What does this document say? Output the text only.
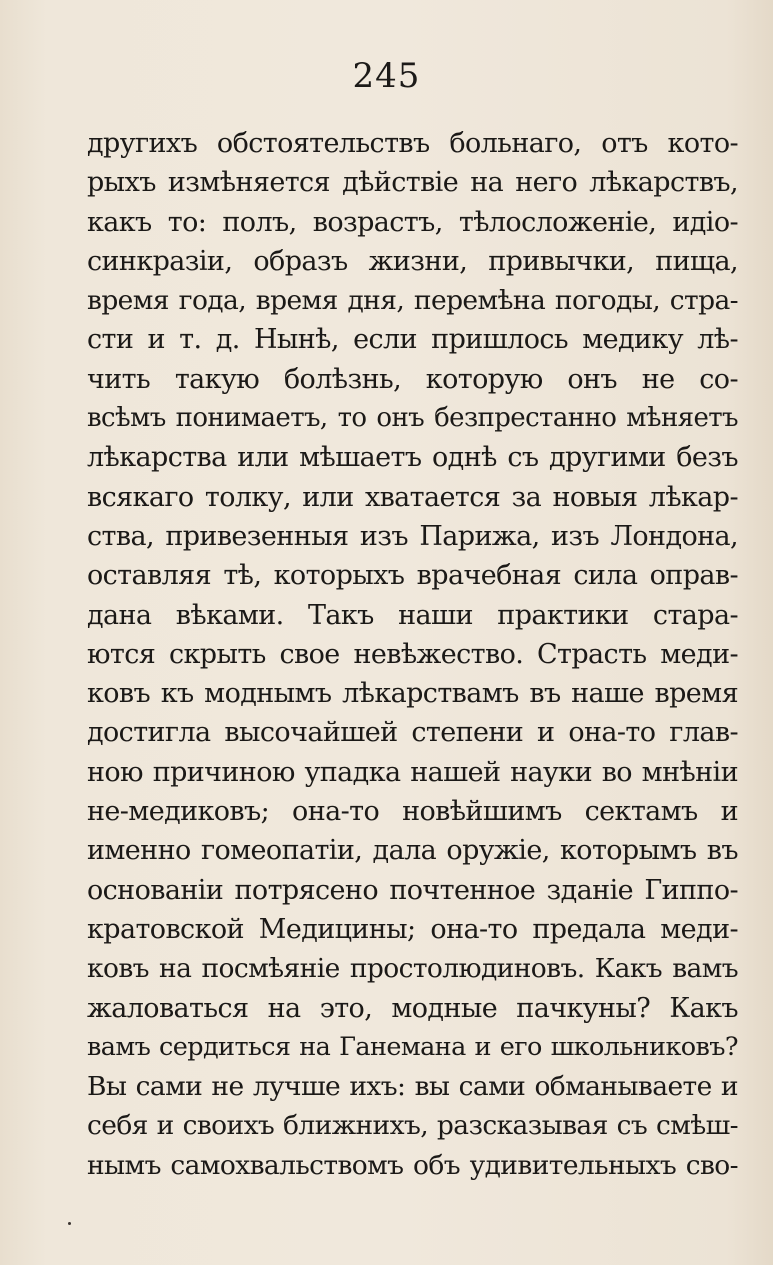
245
другихъ обстоятельствъ больнаго, отъ кото-
рыхъ измѣняется дѣйствіе на него лѣкарствъ,
какъ то: полъ, возрастъ, тѣлосложеніе, идіо-
синкразіи, образъ жизни, привычки, пища,
время года, время дня, перемѣна погоды, стра-
сти и т. д. Нынѣ, если пришлось медику лѣ-
чить такую болѣзнь, которую онъ не со-
всѣмъ понимаетъ, то онъ безпрестанно мѣняетъ
лѣкарства или мѣшаетъ однѣ съ другими безъ
всякаго толку, или хватается за новыя лѣкар-
ства, привезенныя изъ Парижа, изъ Лондона,
оставляя тѣ, которыхъ врачебная сила оправ-
дана вѣками. Такъ наши практики стара-
ются скрыть свое невѣжество. Страсть меди-
ковъ къ моднымъ лѣкарствамъ въ наше время
достигла высочайшей степени и она-то глав-
ною причиною упадка нашей науки во мнѣніи
не-медиковъ; она-то новѣйшимъ сектамъ и
именно гомеопатіи, дала оружіе, которымъ въ
основаніи потрясено почтенное зданіе Гиппо-
кратовской Медицины; она-то предала меди-
ковъ на посмѣяніе простолюдиновъ. Какъ вамъ
жаловаться на это, модные пачкуны? Какъ
вамъ сердиться на Ганемана и его школьниковъ?
Вы сами не лучше ихъ: вы сами обманываете и
себя и своихъ ближнихъ, разсказывая съ смѣш-
нымъ самохвальствомъ объ удивительныхъ сво-
